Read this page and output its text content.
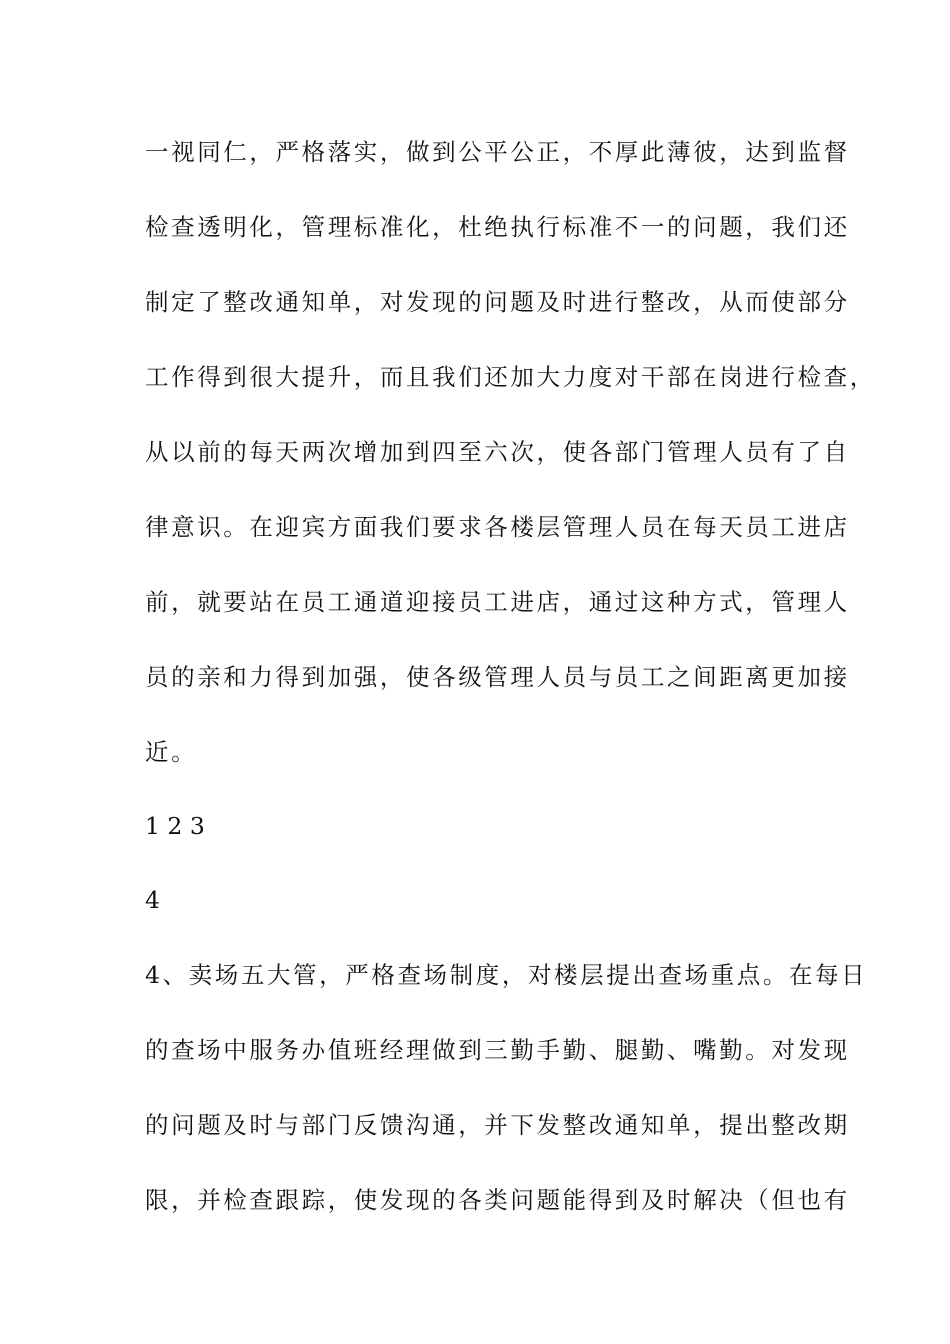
一视同仁，严格落实，做到公平公正，不厚此薄彼，达到监督
检查透明化，管理标准化，杜绝执行标准不一的问题，我们还
制定了整改通知单，对发现的问题及时进行整改，从而使部分
工作得到很大提升，而且我们还加大力度对干部在岗进行检查，
从以前的每天两次增加到四至六次，使各部门管理人员有了自
律意识。在迎宾方面我们要求各楼层管理人员在每天员工进店
前，就要站在员工通道迎接员工进店，通过这种方式，管理人
员的亲和力得到加强，使各级管理人员与员工之间距离更加接
近。
1 2 3
4
4、卖场五大管，严格查场制度，对楼层提出查场重点。在每日
的查场中服务办值班经理做到三勤手勤、腿勤、嘴勤。对发现
的问题及时与部门反馈沟通，并下发整改通知单，提出整改期
限，并检查跟踪，使发现的各类问题能得到及时解决（但也有
